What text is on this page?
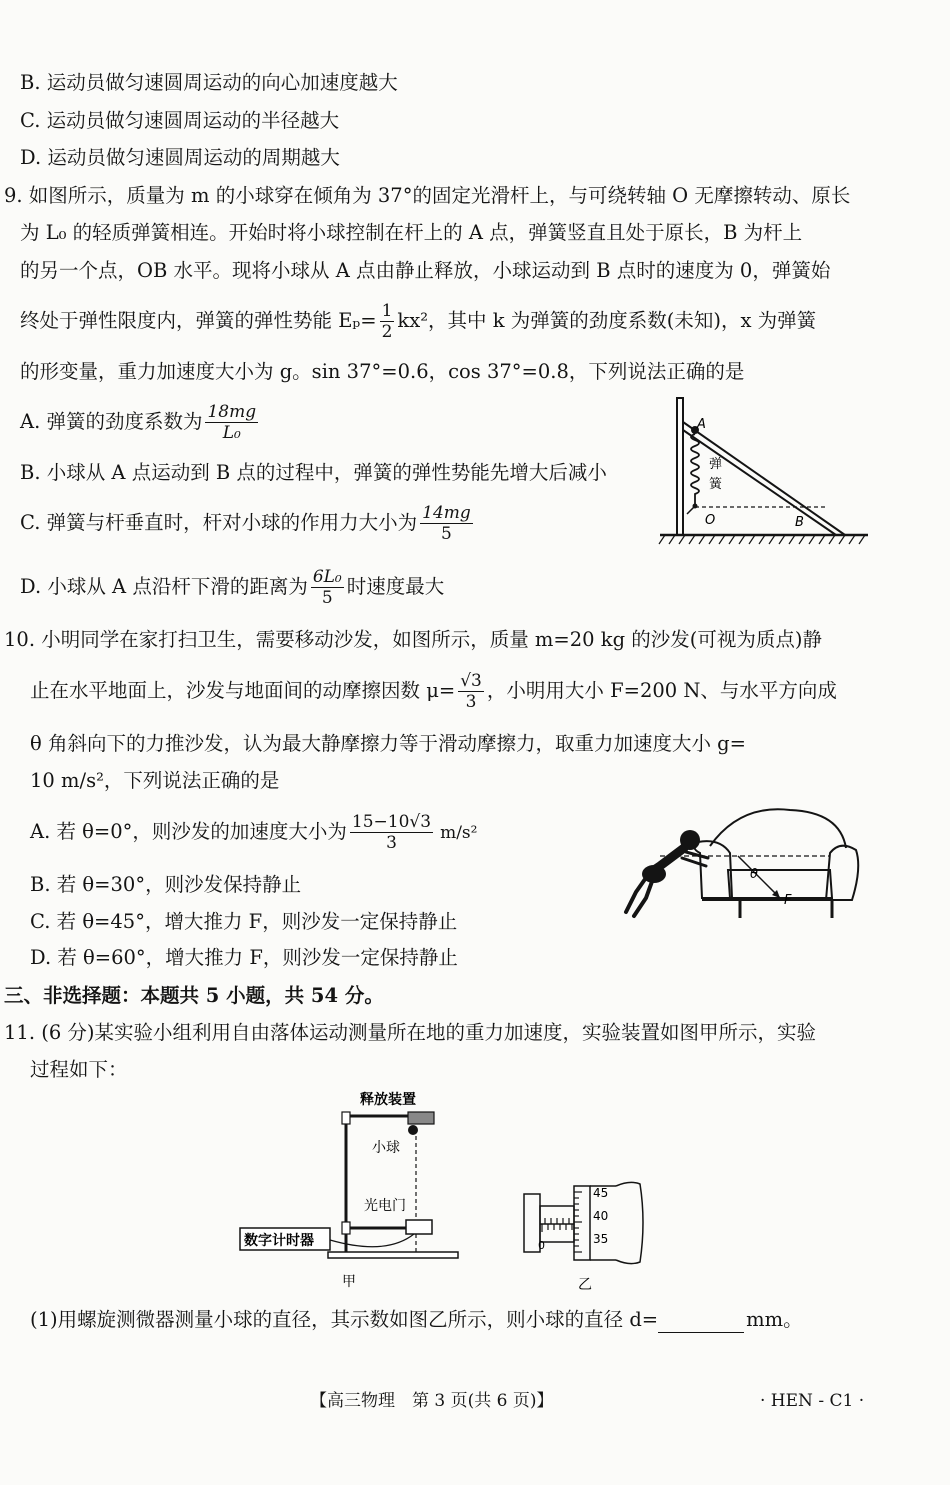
B. 运动员做匀速圆周运动的向心加速度越大
C. 运动员做匀速圆周运动的半径越大
D. 运动员做匀速圆周运动的周期越大
9. 如图所示，质量为 m 的小球穿在倾角为 37°的固定光滑杆上，与可绕转轴 O 无摩擦转动、原长
为 L₀ 的轻质弹簧相连。开始时将小球控制在杆上的 A 点，弹簧竖直且处于原长，B 为杆上
的另一个点，OB 水平。现将小球从 A 点由静止释放，小球运动到 B 点时的速度为 0，弹簧始
终处于弹性限度内，弹簧的弹性势能 $E_p= \frac{1}{2} kx^2$，其中 k 为弹簧的劲度系数(未知)，x 为弹簧
的形变量，重力加速度大小为 g。sin 37°=0.6，cos 37°=0.8，下列说法正确的是
A. 弹簧的劲度系数为 $\frac{18mg}{\text{L₀}}$
B. 小球从 A 点运动到 B 点的过程中，弹簧的弹性势能先增大后减小
C. 弹簧与杆垂直时，杆对小球的作用力大小为 $\frac{14mg}{5}$
D. 小球从 A 点沿杆下滑的距离为 $\frac{\text{6L₀}}{5}$ 时速度最大
A
O	B
弹
簧
10. 小明同学在家打扫卫生，需要移动沙发，如图所示，质量 m=20 kg 的沙发(可视为质点)静
止在水平地面上，沙发与地面间的动摩擦因数 $\mu= \frac{√3}{3}$ ，小明用大小 F=200 N、与水平方向成
θ 角斜向下的力推沙发，认为最大静摩擦力等于滑动摩擦力，取重力加速度大小 g=
10 m/s²，下列说法正确的是
A. 若 θ=0°，则沙发的加速度大小为 $\frac{15-10√3}{3} m/s^2$
B. 若 θ=30°，则沙发保持静止
C. 若 θ=45°，增大推力 F，则沙发一定保持静止
D. 若 θ=60°，增大推力 F，则沙发一定保持静止
θ
F
三、非选择题：本题共 5 小题，共 54 分。
11. (6 分)某实验小组利用自由落体运动测量所在地的重力加速度，实验装置如图甲所示，实验
过程如下：
释放装置
小球
光电门
数字计时器
甲
0
45
40
35
乙
(1)用螺旋测微器测量小球的直径，其示数如图乙所示，则小球的直径 d=	mm。
【高三物理　第 3 页(共 6 页)】	· HEN - C1 ·
